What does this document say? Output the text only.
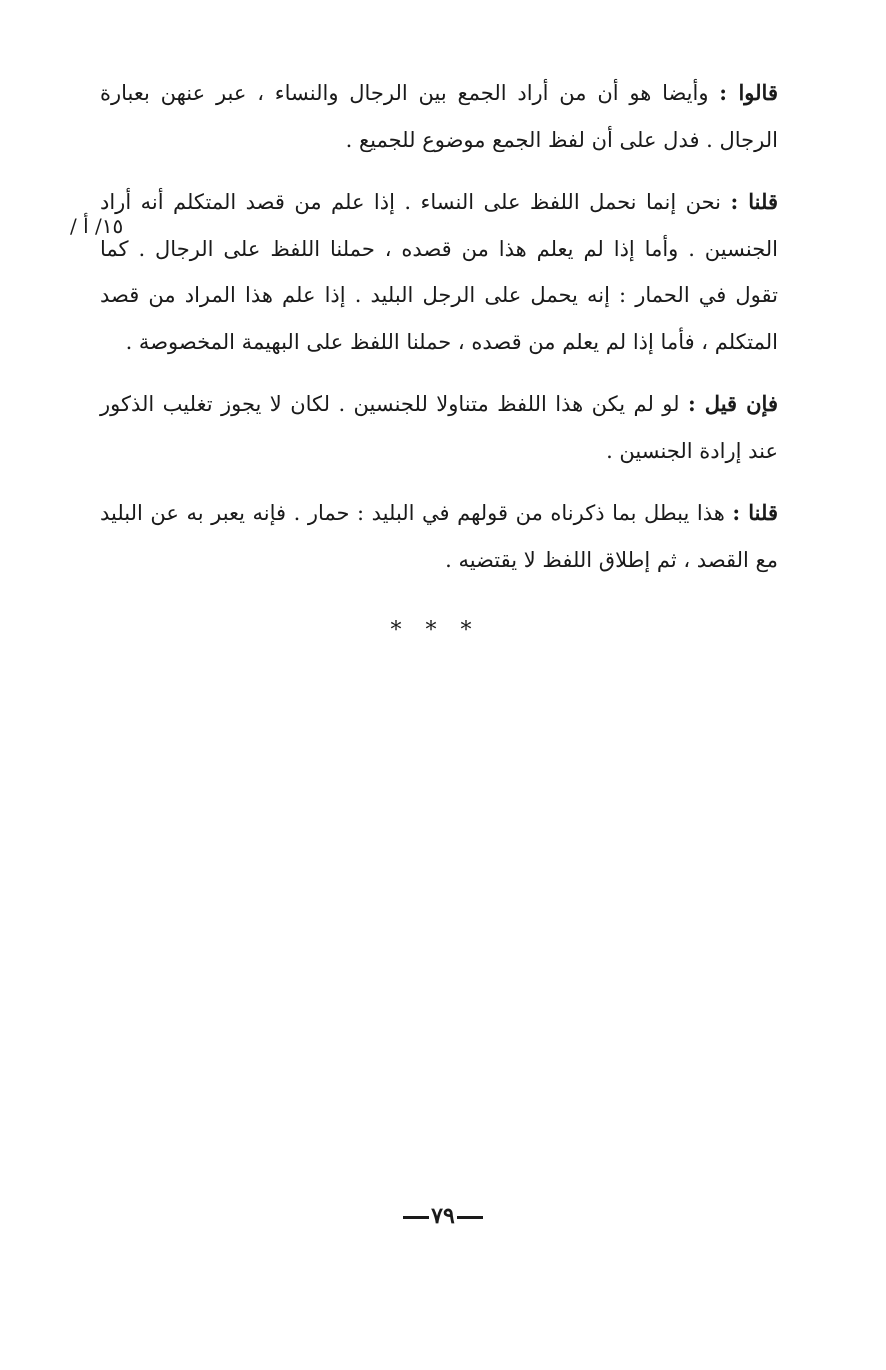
قالوا : وأيضا هو أن من أراد الجمع بين الرجال والنساء ، عبر عنهن بعبارة الرجال . فدل على أن لفظ الجمع موضوع للجميع .

قلنا : نحن إنما نحمل اللفظ على النساء . إذا علم من قصد المتكلم أنه أراد الجنسين . وأما إذا لم يعلم هذا من قصده ، حملنا اللفظ على الرجال . كما تقول في الحمار : إنه يحمل على الرجل البليد . إذا علم هذا المراد من قصد المتكلم ، فأما إذا لم يعلم من قصده ، حملنا اللفظ على البهيمة المخصوصة .

فإن قيل : لو لم يكن هذا اللفظ متناولا للجنسين . لكان لا يجوز تغليب الذكور عند إرادة الجنسين .

قلنا : هذا يبطل بما ذكرناه من قولهم في البليد : حمار . فإنه يعبر به عن البليد مع القصد ، ثم إطلاق اللفظ لا يقتضيه .

١٥/ أ /
***
٧٩
